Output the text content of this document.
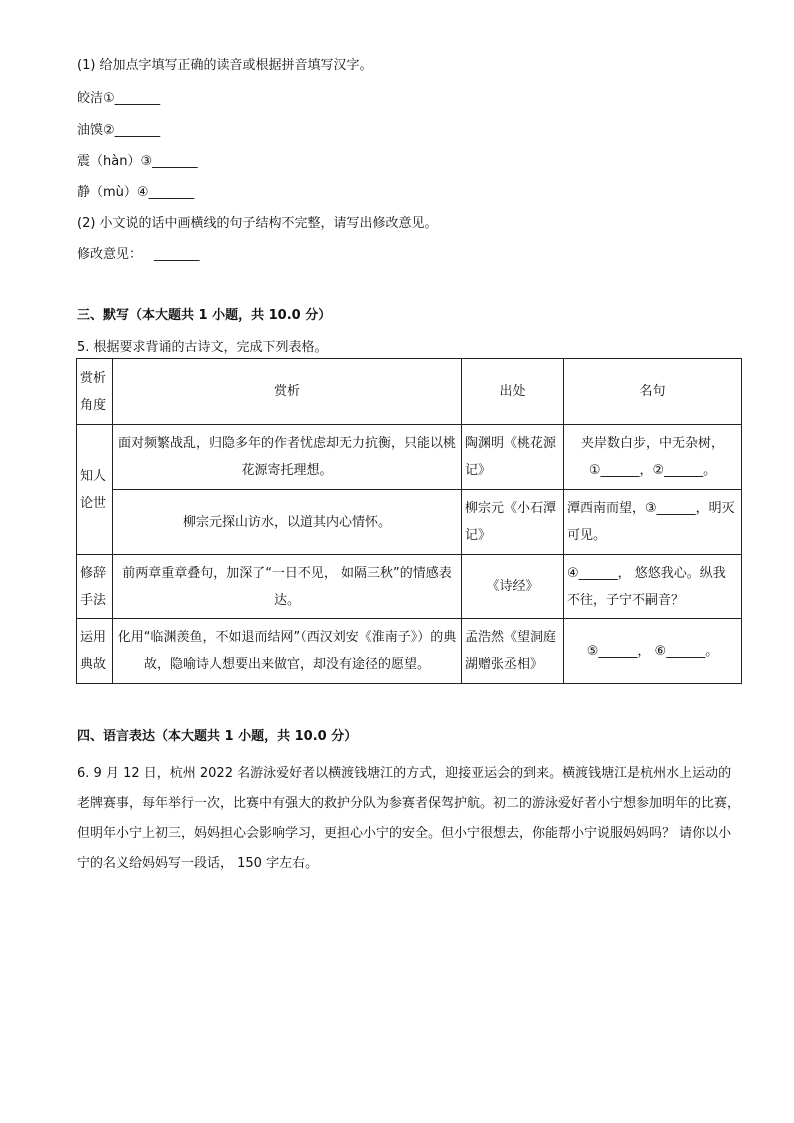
(1) 给加点字填写正确的读音或根据拼音填写汉字。
皎洁①_______
油馍②_______
震（hàn）③_______
静（mù）④_______
(2) 小文说的话中画横线的句子结构不完整，请写出修改意见。
修改意见： _______
三、默写（本大题共 1 小题，共 10.0 分）
5. 根据要求背诵的古诗文，完成下列表格。
赏析角度	赏析	出处	名句
知人论世	面对频繁战乱，归隐多年的作者忧虑却无力抗衡，只能以桃花源寄托理想。	陶渊明《桃花源记》	夹岸数白步，中无杂树，①______，②______。
	柳宗元探山访水，以道其内心情怀。	柳宗元《小石潭记》	潭西南而望，③______，明灭可见。
修辞手法	前两章重章叠句，加深了“一日不见， 如隔三秋”的情感表达。	《诗经》	④______， 悠悠我心。纵我不往，子宁不嗣音？
运用典故	化用“临渊羡鱼，不如退而结网”（西汉刘安《淮南子》）的典故，隐喻诗人想要出来做官，却没有途径的愿望。	孟浩然《望洞庭湖赠张丞相》	⑤______， ⑥______。
四、语言表达（本大题共 1 小题，共 10.0 分）
6. 9 月 12 日，杭州 2022 名游泳爱好者以横渡钱塘江的方式，迎接亚运会的到来。横渡钱塘江是杭州水上运动的老牌赛事，每年举行一次，比赛中有强大的救护分队为参赛者保驾护航。初二的游泳爱好者小宁想参加明年的比赛，但明年小宁上初三，妈妈担心会影响学习，更担心小宁的安全。但小宁很想去，你能帮小宁说服妈妈吗？ 请你以小宁的名义给妈妈写一段话， 150 字左右。
